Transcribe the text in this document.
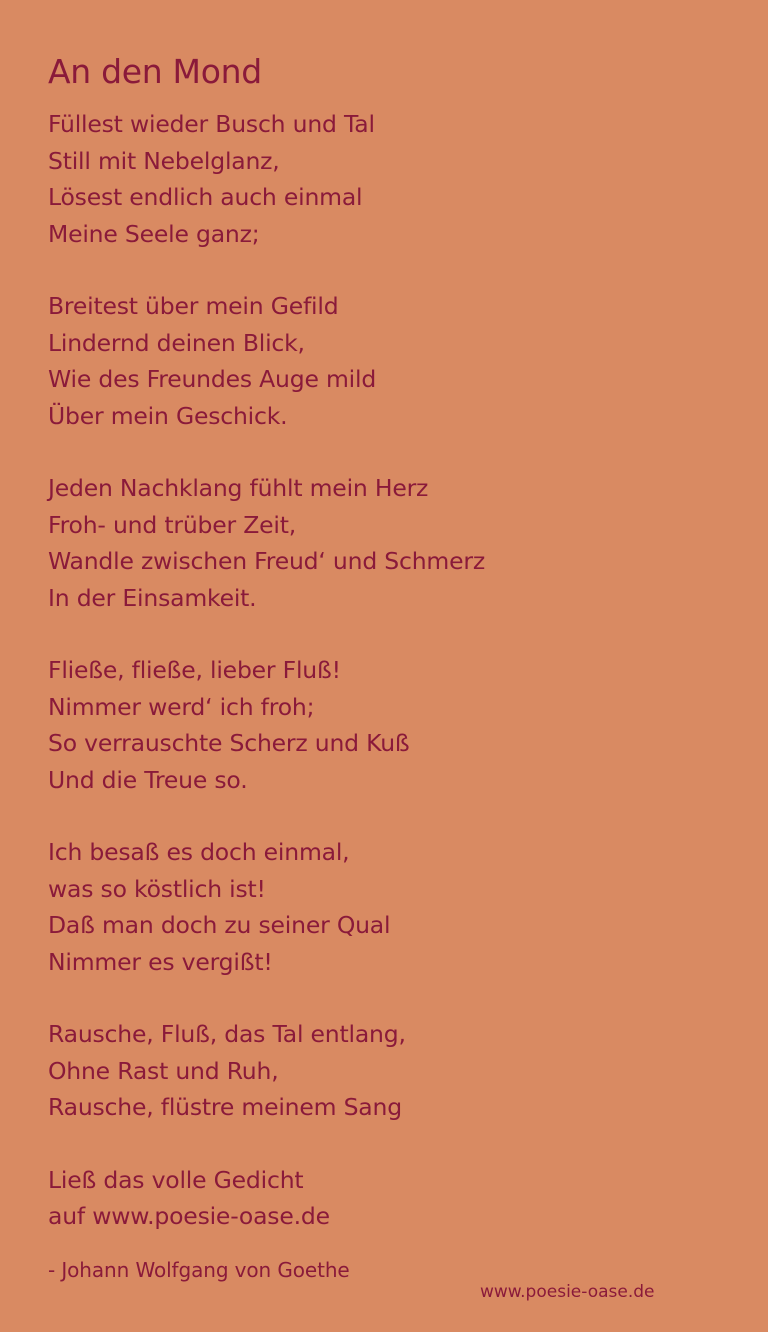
An den Mond
Füllest wieder Busch und Tal
Still mit Nebelglanz,
Lösest endlich auch einmal
Meine Seele ganz;
Breitest über mein Gefild
Lindernd deinen Blick,
Wie des Freundes Auge mild
Über mein Geschick.
Jeden Nachklang fühlt mein Herz
Froh- und trüber Zeit,
Wandle zwischen Freud‘ und Schmerz
In der Einsamkeit.
Fließe, fließe, lieber Fluß!
Nimmer werd‘ ich froh;
So verrauschte Scherz und Kuß
Und die Treue so.
Ich besaß es doch einmal,
was so köstlich ist!
Daß man doch zu seiner Qual
Nimmer es vergißt!
Rausche, Fluß, das Tal entlang,
Ohne Rast und Ruh,
Rausche, flüstre meinem Sang
Ließ das volle Gedicht
auf www.poesie-oase.de
- Johann Wolfgang von Goethe
www.poesie-oase.de
